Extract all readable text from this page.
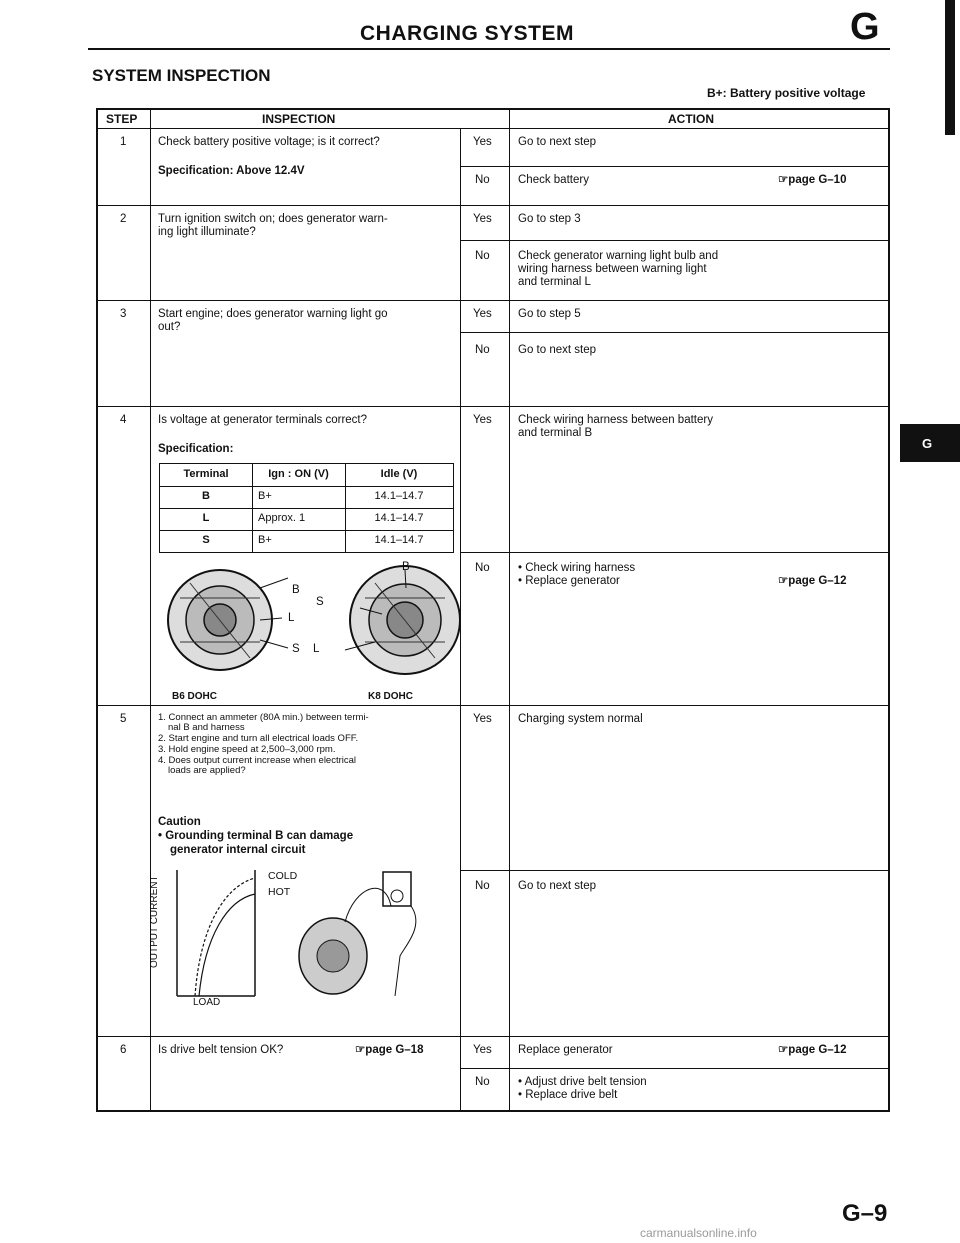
CHARGING SYSTEM	G
SYSTEM INSPECTION
B+: Battery positive voltage
G
STEP	INSPECTION	ACTION
1	Check battery positive voltage; is it correct?
Specification: Above 12.4V
Yes Go to next step
No Check battery	☞page G–10
2	Turn ignition switch on; does generator warn-
ing light illuminate?
Yes Go to step 3
No Check generator warning light bulb and
wiring harness between warning light
and terminal L
3	Start engine; does generator warning light go
out?
Yes Go to step 5
No Go to next step
4	Is voltage at generator terminals correct?
Specification:
Yes Check wiring harness between battery
and terminal B
No • Check wiring harness
• Replace generator	☞page G–12
5	1. Connect an ammeter (80A min.) between termi-
nal B and harness
2. Start engine and turn all electrical loads OFF.
3. Hold engine speed at 2,500–3,000 rpm.
4. Does output current increase when electrical
loads are applied?
Caution
• Grounding terminal B can damage
generator internal circuit
Yes Charging system normal
No Go to next step
6	Is drive belt tension OK?	☞page G–18	Yes Replace generator	☞page G–12
No • Adjust drive belt tension
• Replace drive belt
Terminal	Ign : ON (V)	Idle (V)
B	B+	14.1–14.7
L	Approx. 1	14.1–14.7
S	B+	14.1–14.7
B
L
S
B
S
L
B6 DOHC	K8 DOHC
OUTPUT CURRENT
LOAD
COLD
HOT
G–9
carmanualsonline.info
